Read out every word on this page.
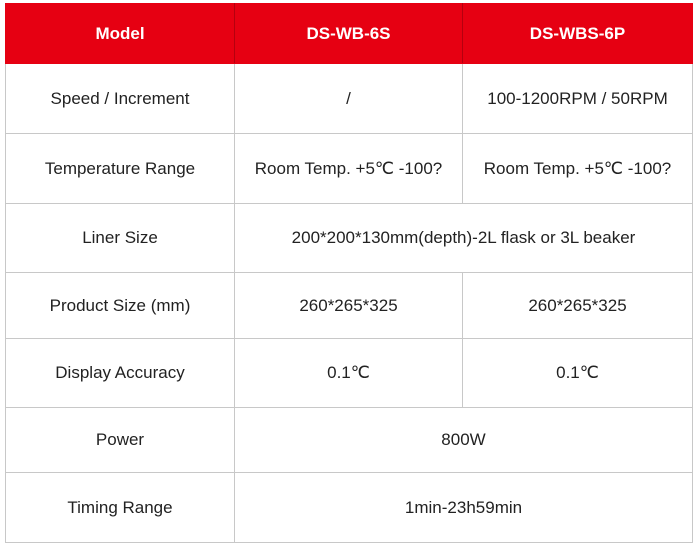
Model	DS-WB-6S	DS-WBS-6P
Speed / Increment	/	100-1200RPM / 50RPM
Temperature Range	Room Temp. +5℃ -100?	Room Temp. +5℃ -100?
Liner Size	200*200*130mm(depth)-2L flask or 3L beaker	
Product Size (mm)	260*265*325	260*265*325
Display Accuracy	0.1℃	0.1℃
Power	800W	
Timing Range	1min-23h59min	
